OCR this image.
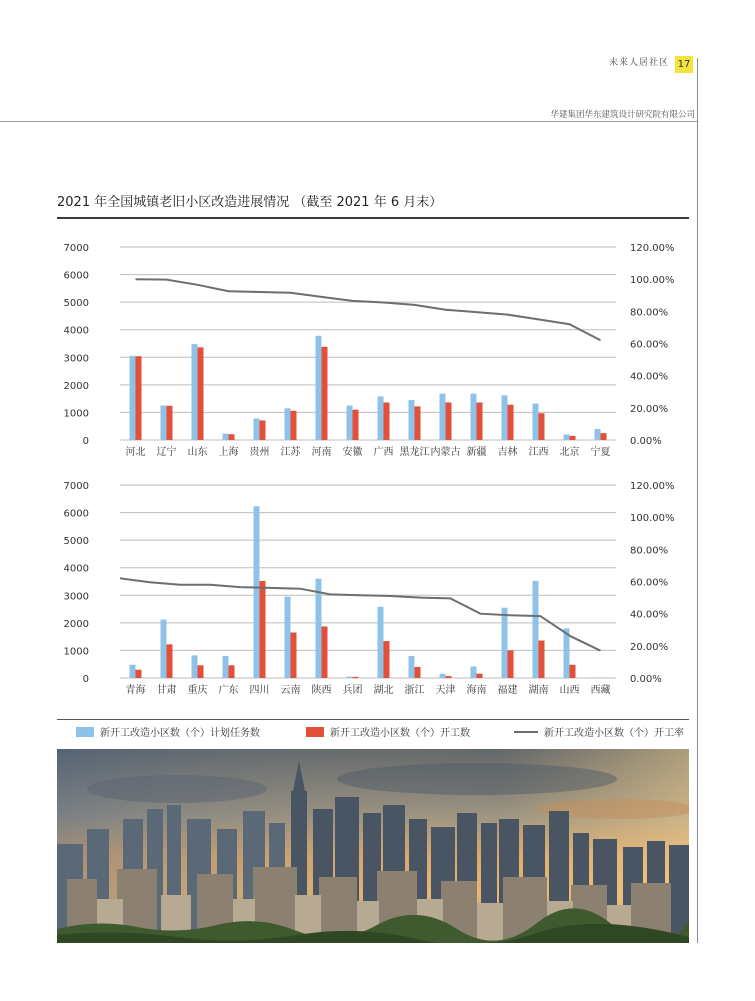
未来人居社区 17
华建集团华东建筑设计研究院有限公司
2021 年全国城镇老旧小区改造进展情况 （截至 2021 年 6 月末）
0
1000
2000
3000
4000
5000
6000
7000
0.00%
20.00%
40.00%
60.00%
80.00%
100.00%
120.00%
河北 辽宁 山东 上海 贵州 江苏 河南 安徽 广西 黑龙江 内蒙古 新疆 吉林 江西 北京 宁夏
0
1000
2000
3000
4000
5000
6000
7000
0.00%
20.00%
40.00%
60.00%
80.00%
100.00%
120.00%
青海 甘肃 重庆 广东 四川 云南 陕西 兵团 湖北 浙江 天津 海南 福建 湖南 山西 西藏
新开工改造小区数（个）计划任务数	新开工改造小区数（个）开工数	新开工改造小区数（个）开工率
